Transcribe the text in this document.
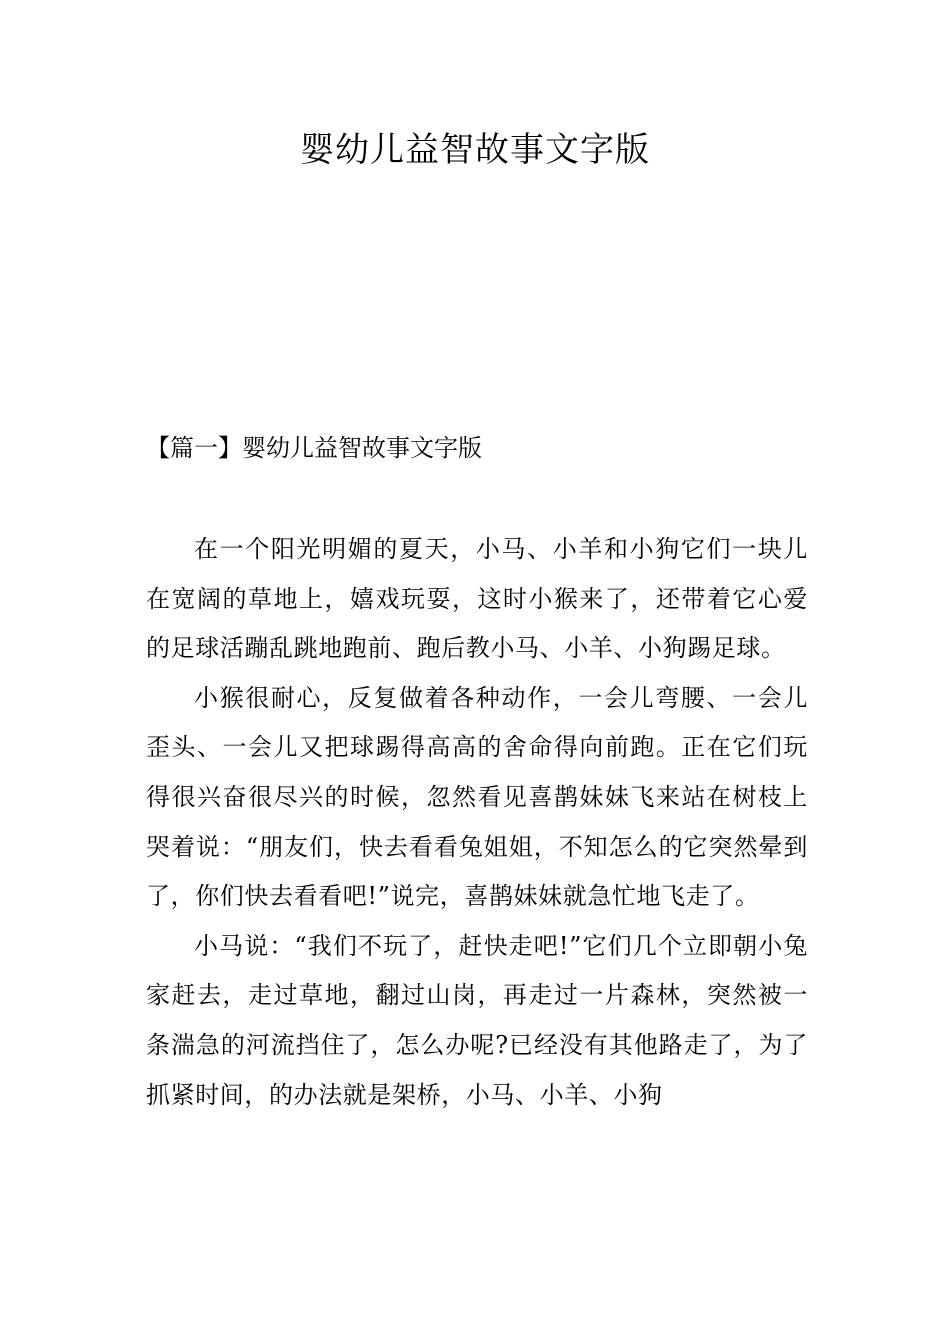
婴幼儿益智故事文字版
【篇一】婴幼儿益智故事文字版

在一个阳光明媚的夏天，小马、小羊和小狗它们一块儿在宽阔的草地上，嬉戏玩耍，这时小猴来了，还带着它心爱的足球活蹦乱跳地跑前、跑后教小马、小羊、小狗踢足球。

小猴很耐心，反复做着各种动作，一会儿弯腰、一会儿歪头、一会儿又把球踢得高高的舍命得向前跑。正在它们玩得很兴奋很尽兴的时候，忽然看见喜鹊妹妹飞来站在树枝上哭着说：“朋友们，快去看看兔姐姐，不知怎么的它突然晕到了，你们快去看看吧!”说完，喜鹊妹妹就急忙地飞走了。

小马说：“我们不玩了，赶快走吧!”它们几个立即朝小兔家赶去，走过草地，翻过山岗，再走过一片森林，突然被一条湍急的河流挡住了，怎么办呢?已经没有其他路走了，为了抓紧时间，的办法就是架桥，小马、小羊、小狗
